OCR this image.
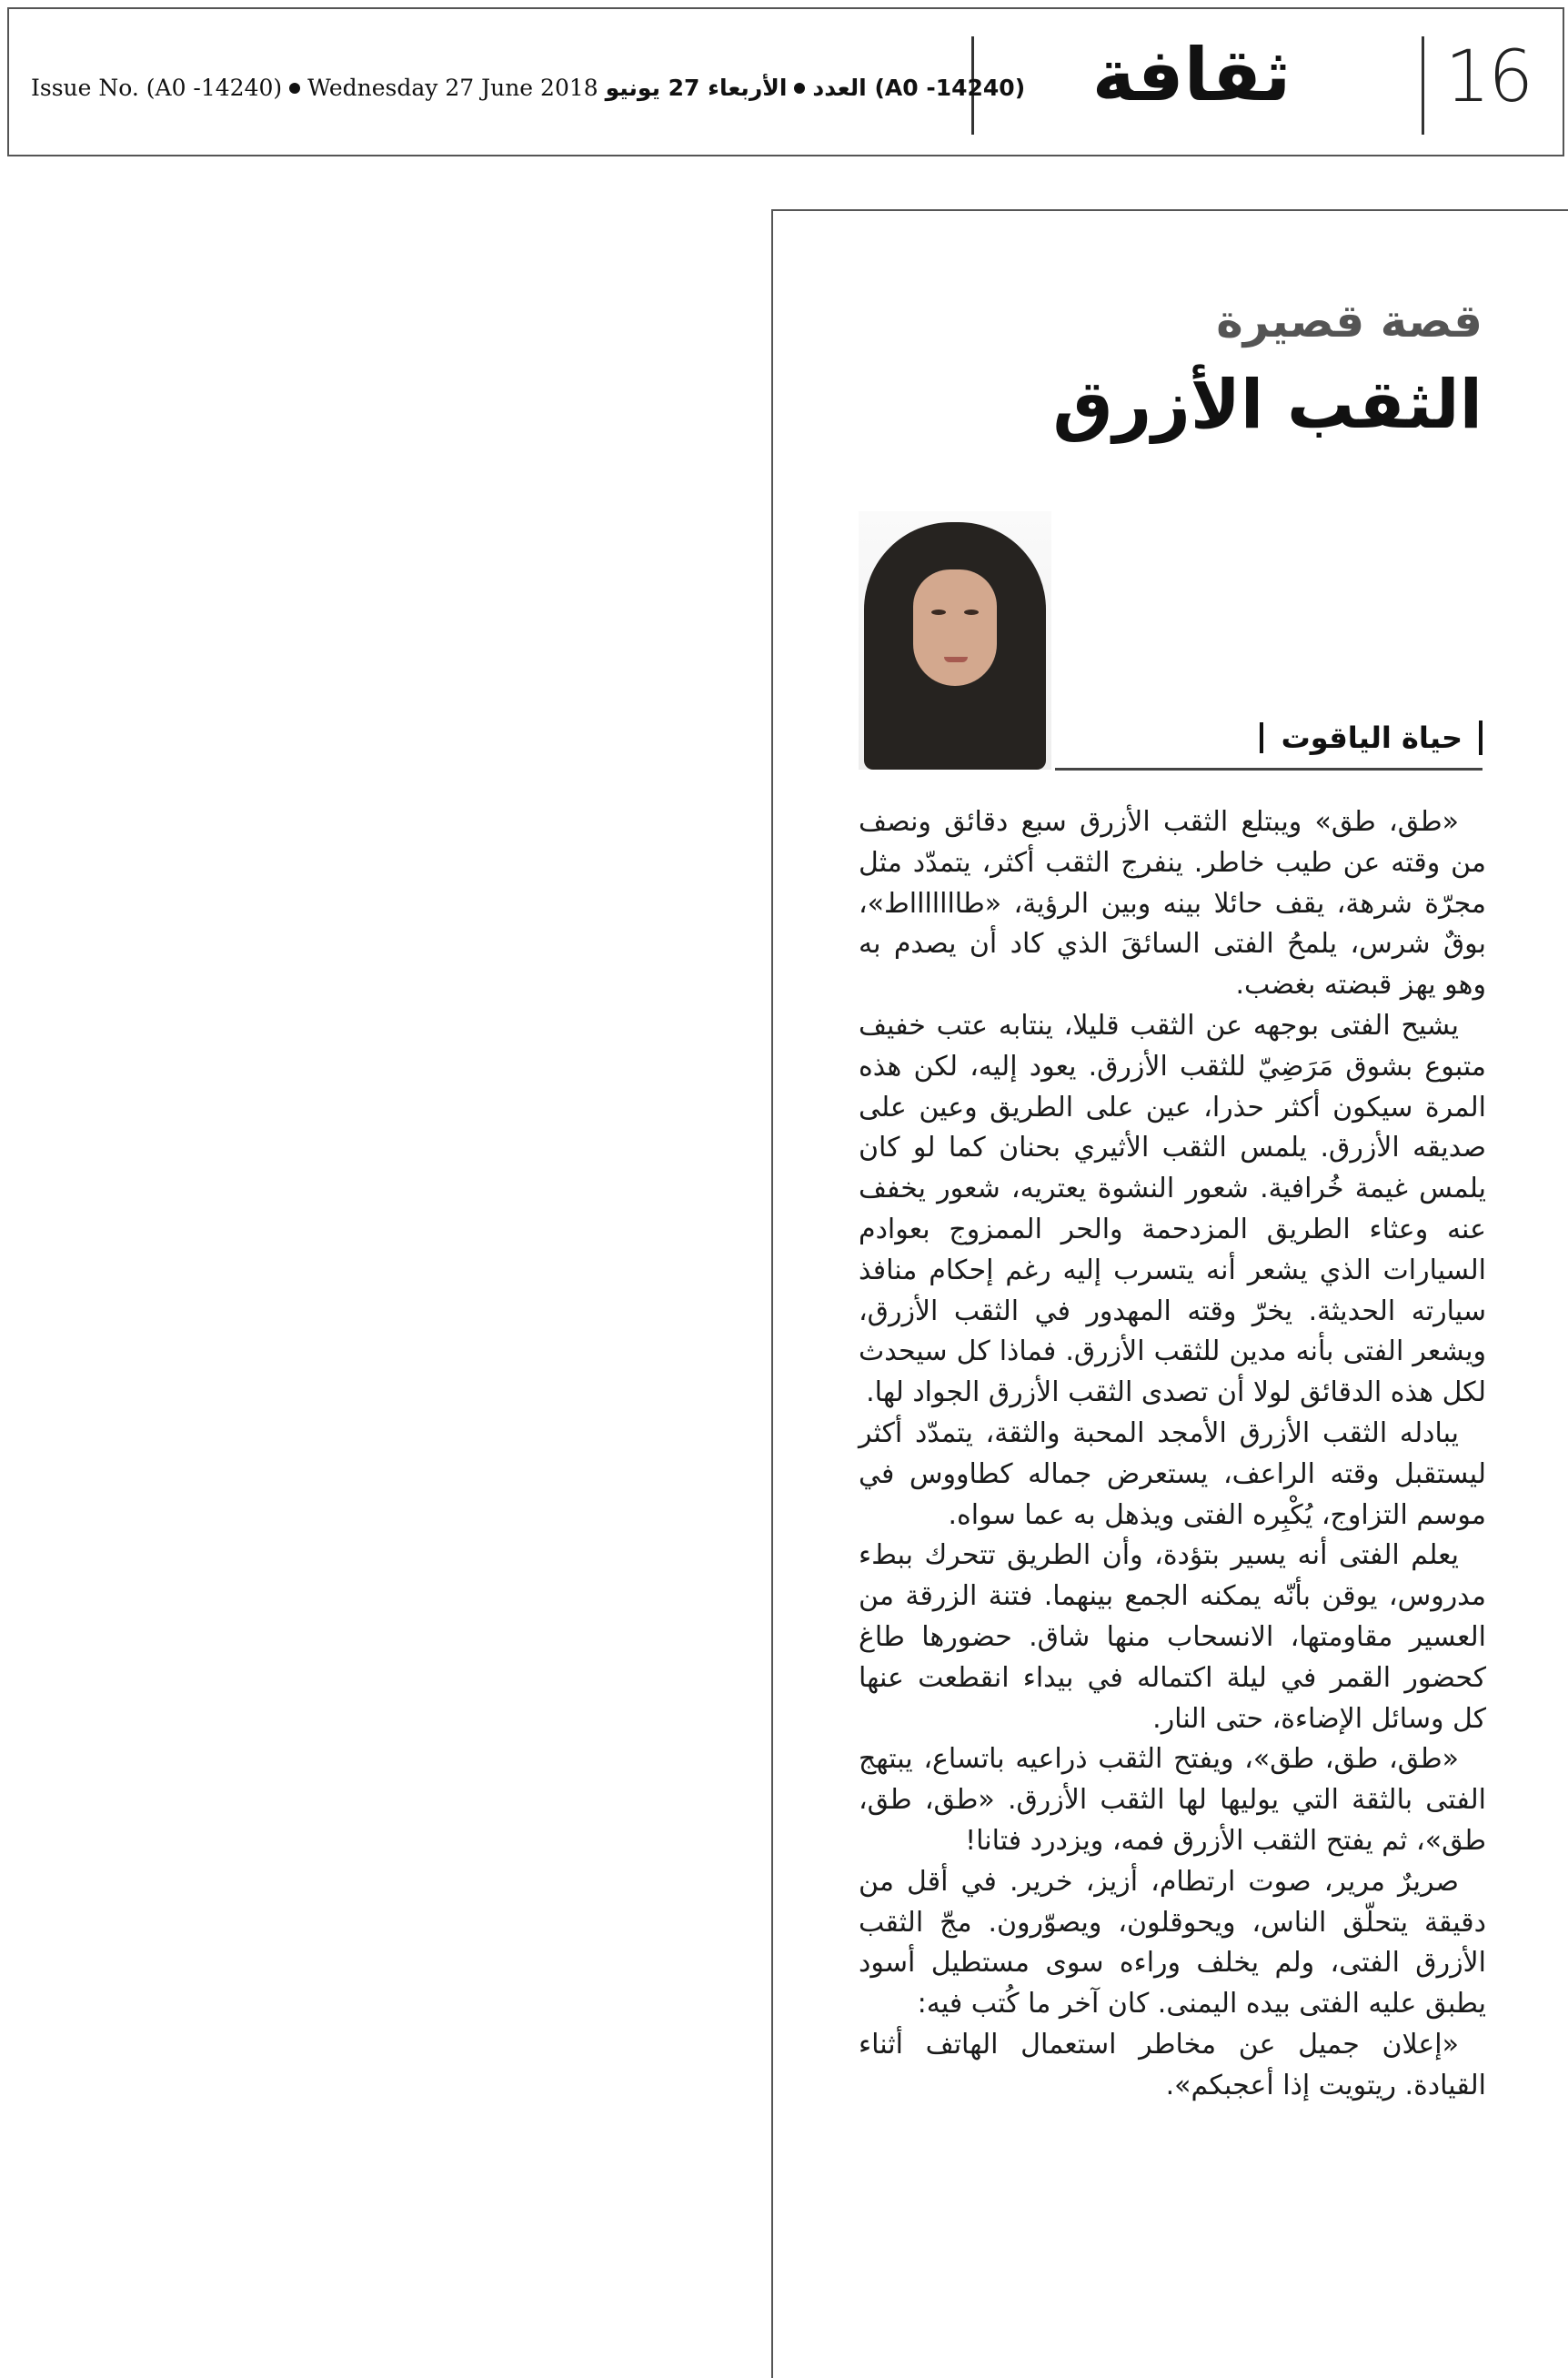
16
ثقافة
Issue No. (A0 -14240) Wednesday 27 June 2018 الأربعاء 27 يونيو (A0 -14240) العدد
قصة قصيرة
الثقب الأزرق
حياة الياقوت

«طق، طق» ويبتلع الثقب الأزرق سبع دقائق ونصف من وقته عن طيب خاطر. ينفرج الثقب أكثر، يتمدّد مثل مجرّة شرهة، يقف حائلا بينه وبين الرؤية، «طاااااااط»، بوقٌ شرس، يلمحُ الفتى السائقَ الذي كاد أن يصدم به وهو يهز قبضته بغضب.

يشيح الفتى بوجهه عن الثقب قليلا، ينتابه عتب خفيف متبوع بشوق مَرَضِيّ للثقب الأزرق. يعود إليه، لكن هذه المرة سيكون أكثر حذرا، عين على الطريق وعين على صديقه الأزرق. يلمس الثقب الأثيري بحنان كما لو كان يلمس غيمة خُرافية. شعور النشوة يعتريه، شعور يخفف عنه وعثاء الطريق المزدحمة والحر الممزوج بعوادم السيارات الذي يشعر أنه يتسرب إليه رغم إحكام منافذ سيارته الحديثة. يخرّ وقته المهدور في الثقب الأزرق، ويشعر الفتى بأنه مدين للثقب الأزرق. فماذا كل سيحدث لكل هذه الدقائق لولا أن تصدى الثقب الأزرق الجواد لها.

يبادله الثقب الأزرق الأمجد المحبة والثقة، يتمدّد أكثر ليستقبل وقته الراعف، يستعرض جماله كطاووس في موسم التزاوج، يُكْبِره الفتى ويذهل به عما سواه.

يعلم الفتى أنه يسير بتؤدة، وأن الطريق تتحرك ببطء مدروس، يوقن بأنّه يمكنه الجمع بينهما. فتنة الزرقة من العسير مقاومتها، الانسحاب منها شاق. حضورها طاغ كحضور القمر في ليلة اكتماله في بيداء انقطعت عنها كل وسائل الإضاءة، حتى النار.

«طق، طق، طق»، ويفتح الثقب ذراعيه باتساع، يبتهج الفتى بالثقة التي يوليها لها الثقب الأزرق. «طق، طق، طق»، ثم يفتح الثقب الأزرق فمه، ويزدرد فتانا!

صريرٌ مرير، صوت ارتطام، أزيز، خرير. في أقل من دقيقة يتحلّق الناس، ويحوقلون، ويصوّرون. مجّ الثقب الأزرق الفتى، ولم يخلف وراءه سوى مستطيل أسود يطبق عليه الفتى بيده اليمنى. كان آخر ما كُتب فيه:

«إعلان جميل عن مخاطر استعمال الهاتف أثناء القيادة. ريتويت إذا أعجبكم».
